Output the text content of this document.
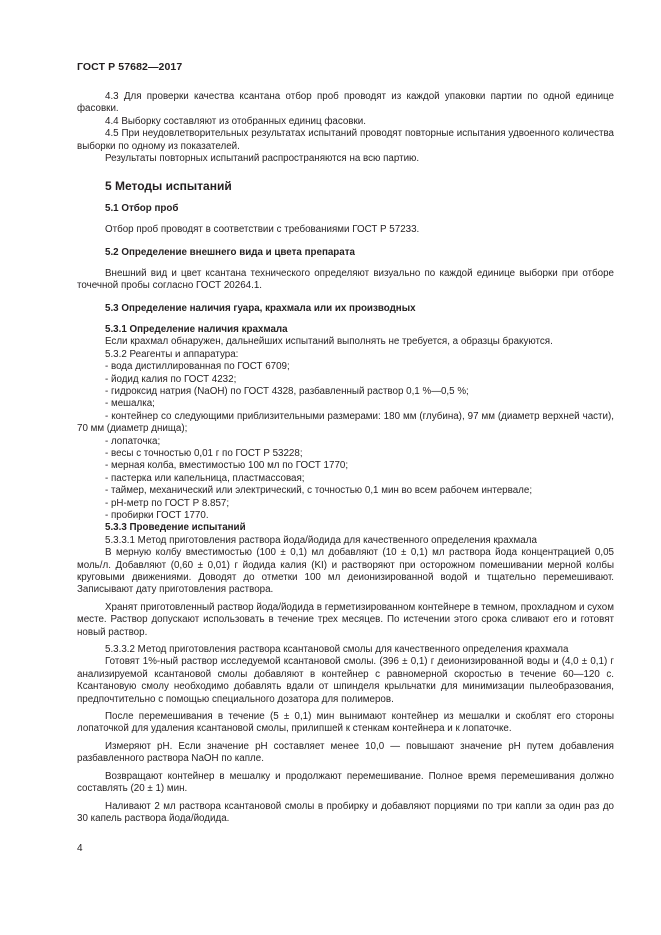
ГОСТ Р 57682—2017

4.3 Для проверки качества ксантана отбор проб проводят из каждой упаковки партии по одной единице фасовки.

4.4 Выборку составляют из отобранных единиц фасовки.

4.5 При неудовлетворительных результатах испытаний проводят повторные испытания удвоенного количества выборки по одному из показателей.

Результаты повторных испытаний распространяются на всю партию.

5 Методы испытаний
5.1 Отбор проб

Отбор проб проводят в соответствии с требованиями ГОСТ Р 57233.

5.2 Определение внешнего вида и цвета препарата

Внешний вид и цвет ксантана технического определяют визуально по каждой единице выборки при отборе точечной пробы согласно ГОСТ 20264.1.

5.3 Определение наличия гуара, крахмала или их производных

5.3.1 Определение наличия крахмала

Если крахмал обнаружен, дальнейших испытаний выполнять не требуется, а образцы бракуются.

5.3.2 Реагенты и аппаратура:

- вода дистиллированная по ГОСТ 6709;

- йодид калия по ГОСТ 4232;

- гидроксид натрия (NaOH) по ГОСТ 4328, разбавленный раствор 0,1 %—0,5 %;

- мешалка;

- контейнер со следующими приблизительными размерами: 180 мм (глубина), 97 мм (диаметр верхней части), 70 мм (диаметр днища);

- лопаточка;

- весы с точностью 0,01 г по ГОСТ Р 53228;

- мерная колба, вместимостью 100 мл по ГОСТ 1770;

- пастерка или капельница, пластмассовая;

- таймер, механический или электрический, с точностью 0,1 мин во всем рабочем интервале;

- рН-метр по ГОСТ Р 8.857;

- пробирки ГОСТ 1770.

5.3.3 Проведение испытаний

5.3.3.1 Метод приготовления раствора йода/йодида для качественного определения крахмала

В мерную колбу вместимостью (100 ± 0,1) мл добавляют (10 ± 0,1) мл раствора йода концентрацией 0,05 моль/л. Добавляют (0,60 ± 0,01) г йодида калия (KI) и растворяют при осторожном помешивании мерной колбы круговыми движениями. Доводят до отметки 100 мл деионизированной водой и тщательно перемешивают. Записывают дату приготовления раствора.

Хранят приготовленный раствор йода/йодида в герметизированном контейнере в темном, прохладном и сухом месте. Раствор допускают использовать в течение трех месяцев. По истечении этого срока сливают его и готовят новый раствор.

5.3.3.2 Метод приготовления раствора ксантановой смолы для качественного определения крахмала

Готовят 1%-ный раствор исследуемой ксантановой смолы. (396 ± 0,1) г деионизированной воды и (4,0 ± 0,1) г анализируемой ксантановой смолы добавляют в контейнер с равномерной скоростью в течение 60—120 с. Ксантановую смолу необходимо добавлять вдали от шпинделя крыльчатки для минимизации пылеобразования, предпочтительно с помощью специального дозатора для полимеров.

После перемешивания в течение (5 ± 0,1) мин вынимают контейнер из мешалки и скоблят его стороны лопаточкой для удаления ксантановой смолы, прилипшей к стенкам контейнера и к лопаточке.

Измеряют рН. Если значение рН составляет менее 10,0 — повышают значение рН путем добавления разбавленного раствора NaOH по капле.

Возвращают контейнер в мешалку и продолжают перемешивание. Полное время перемешивания должно составлять (20 ± 1) мин.

Наливают 2 мл раствора ксантановой смолы в пробирку и добавляют порциями по три капли за один раз до 30 капель раствора йода/йодида.

4
